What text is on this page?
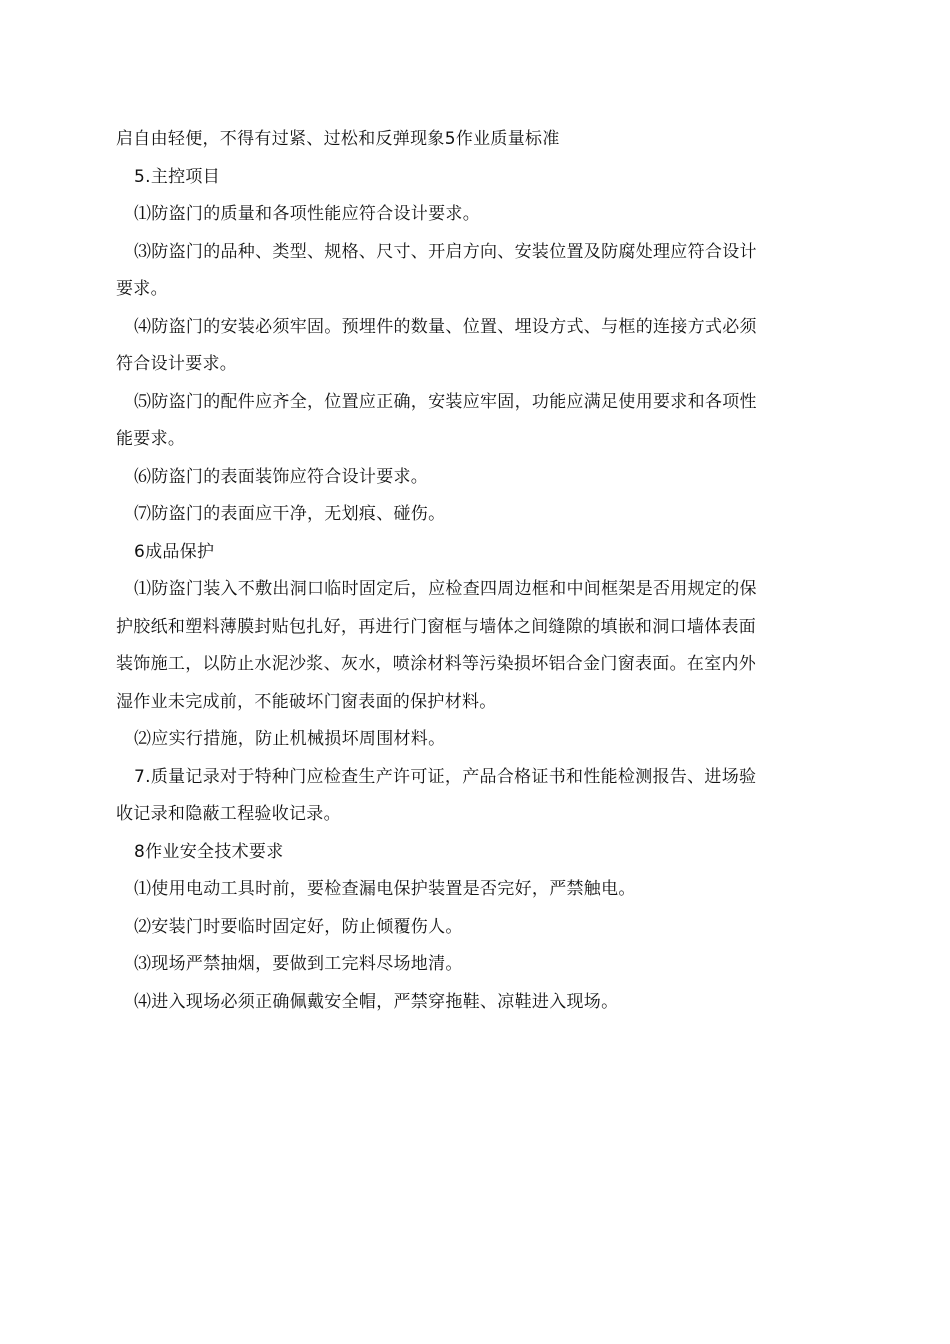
启自由轻便，不得有过紧、过松和反弹现象5作业质量标准
5.主控项目
⑴防盗门的质量和各项性能应符合设计要求。
⑶防盗门的品种、类型、规格、尺寸、开启方向、安装位置及防腐处理应符合设计
要求。
⑷防盗门的安装必须牢固。预埋件的数量、位置、埋设方式、与框的连接方式必须
符合设计要求。
⑸防盗门的配件应齐全，位置应正确，安装应牢固，功能应满足使用要求和各项性
能要求。
⑹防盗门的表面装饰应符合设计要求。
⑺防盗门的表面应干净，无划痕、碰伤。
6成品保护
⑴防盗门装入不敷出洞口临时固定后，应检查四周边框和中间框架是否用规定的保
护胶纸和塑料薄膜封贴包扎好，再进行门窗框与墙体之间缝隙的填嵌和洞口墙体表面
装饰施工，以防止水泥沙浆、灰水，喷涂材料等污染损坏铝合金门窗表面。在室内外
湿作业未完成前，不能破坏门窗表面的保护材料。
⑵应实行措施，防止机械损坏周围材料。
7.质量记录对于特种门应检查生产许可证，产品合格证书和性能检测报告、进场验
收记录和隐蔽工程验收记录。
8作业安全技术要求
⑴使用电动工具时前，要检查漏电保护装置是否完好，严禁触电。
⑵安装门时要临时固定好，防止倾覆伤人。
⑶现场严禁抽烟，要做到工完料尽场地清。
⑷进入现场必须正确佩戴安全帽，严禁穿拖鞋、凉鞋进入现场。
